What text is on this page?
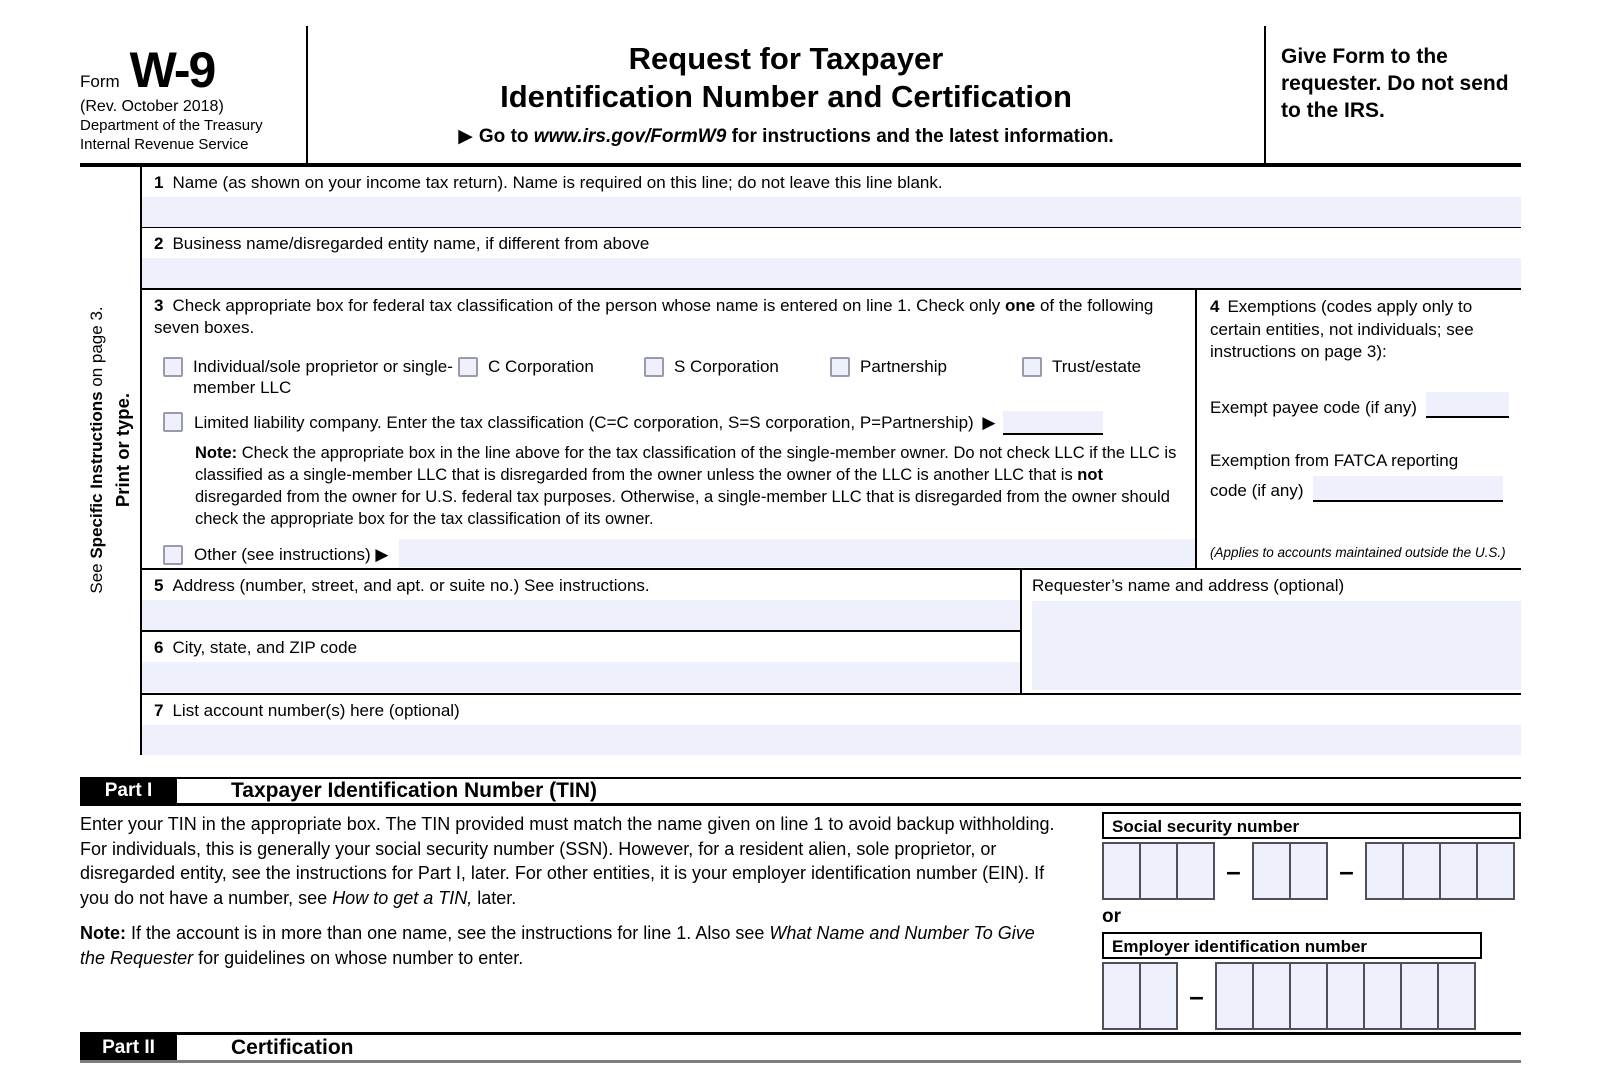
Form W-9
(Rev. October 2018)
Department of the Treasury
Internal Revenue Service
Request for Taxpayer
Identification Number and Certification
▶ Go to www.irs.gov/FormW9 for instructions and the latest information.
Give Form to the requester. Do not send to the IRS.
See Specific Instructions on page 3.
Print or type.
1 Name (as shown on your income tax return). Name is required on this line; do not leave this line blank.
2 Business name/disregarded entity name, if different from above
3 Check appropriate box for federal tax classification of the person whose name is entered on line 1. Check only one of the following seven boxes.
Individual/sole proprietor or single-member LLC
C Corporation	S Corporation	Partnership	Trust/estate
Limited liability company. Enter the tax classification (C=C corporation, S=S corporation, P=Partnership) ▶
Note: Check the appropriate box in the line above for the tax classification of the single-member owner. Do not check LLC if the LLC is classified as a single-member LLC that is disregarded from the owner unless the owner of the LLC is another LLC that is not disregarded from the owner for U.S. federal tax purposes. Otherwise, a single-member LLC that is disregarded from the owner should check the appropriate box for the tax classification of its owner.
Other (see instructions) ▶
4 Exemptions (codes apply only to certain entities, not individuals; see instructions on page 3):
Exempt payee code (if any)
Exemption from FATCA reporting
code (if any)
(Applies to accounts maintained outside the U.S.)
5 Address (number, street, and apt. or suite no.) See instructions.
6 City, state, and ZIP code
Requester’s name and address (optional)
7 List account number(s) here (optional)
Part I	Taxpayer Identification Number (TIN)
Enter your TIN in the appropriate box. The TIN provided must match the name given on line 1 to avoid backup withholding. For individuals, this is generally your social security number (SSN). However, for a resident alien, sole proprietor, or disregarded entity, see the instructions for Part I, later. For other entities, it is your employer identification number (EIN). If you do not have a number, see How to get a TIN, later.
Note: If the account is in more than one name, see the instructions for line 1. Also see What Name and Number To Give the Requester for guidelines on whose number to enter.
Social security number
–	–
or
Employer identification number
–
Part II	Certification
